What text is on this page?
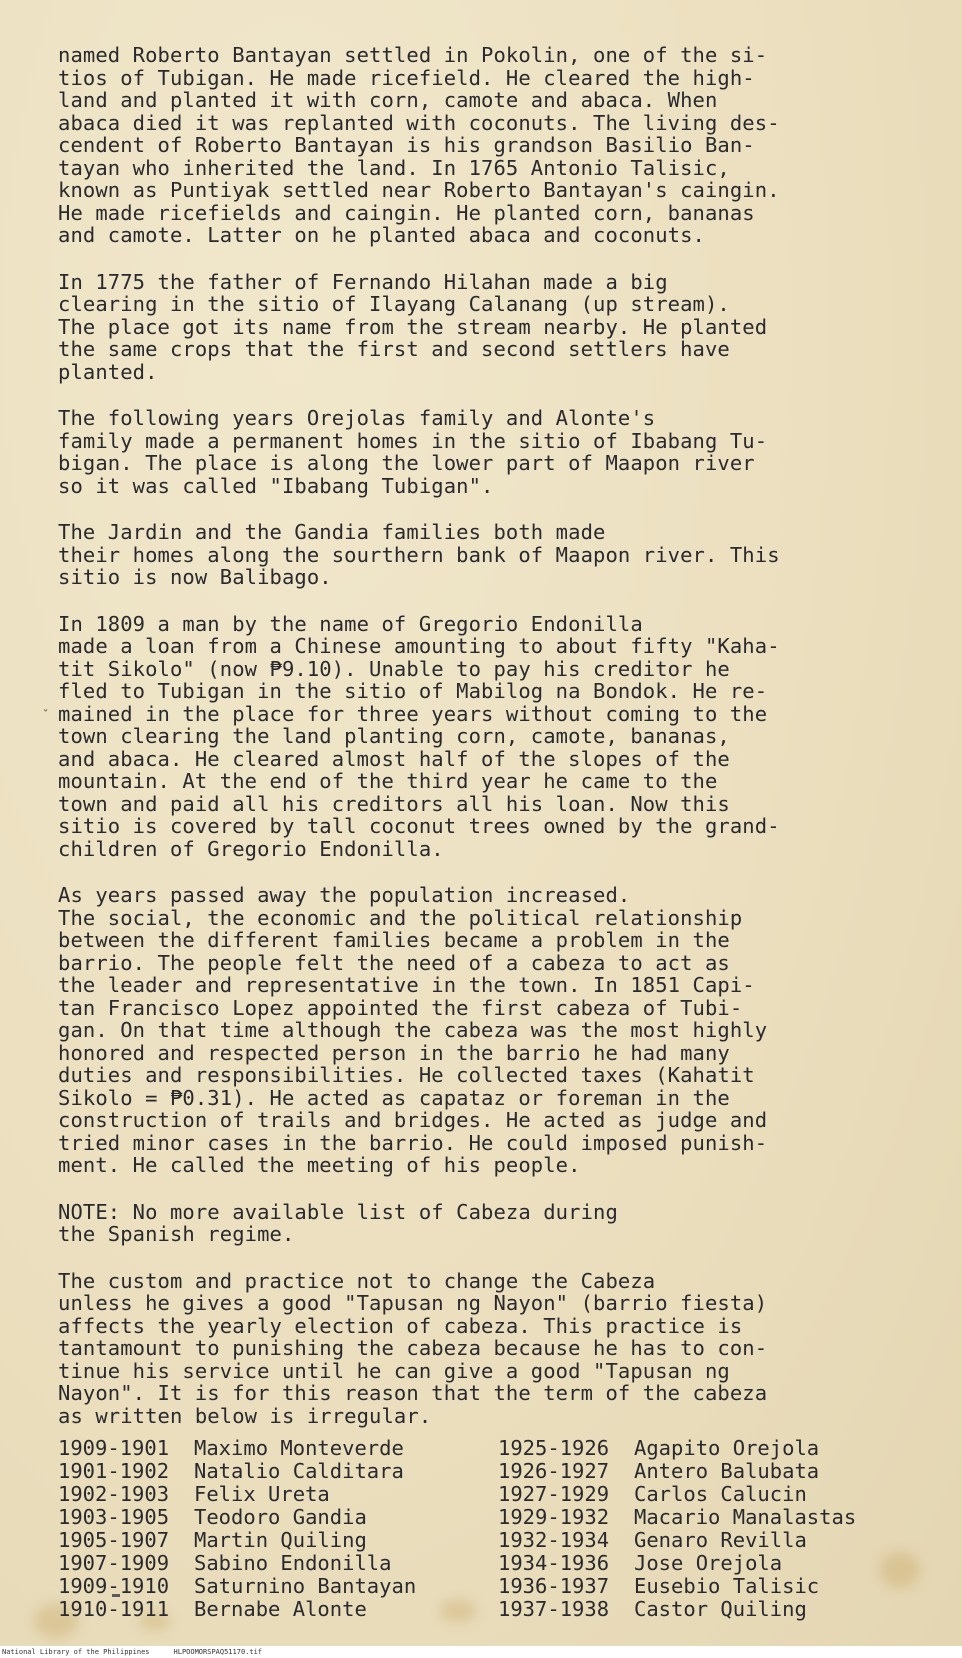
ˇ

named Roberto Bantayan settled in Pokolin, one of the si-
tios of Tubigan. He made ricefield. He cleared the high-
land and planted it with corn, camote and abaca. When
abaca died it was replanted with coconuts. The living des-
cendent of Roberto Bantayan is his grandson Basilio Ban-
tayan who inherited the land. In 1765 Antonio Talisic,
known as Puntiyak settled near Roberto Bantayan's caingin.
He made ricefields and caingin. He planted corn, bananas
and camote. Latter on he planted abaca and coconuts.

In 1775 the father of Fernando Hilahan made a big
clearing in the sitio of Ilayang Calanang (up stream).
The place got its name from the stream nearby. He planted
the same crops that the first and second settlers have
planted.

The following years Orejolas family and Alonte's
family made a permanent homes in the sitio of Ibabang Tu-
bigan. The place is along the lower part of Maapon river
so it was called "Ibabang Tubigan".

The Jardin and the Gandia families both made
their homes along the sourthern bank of Maapon river. This
sitio is now Balibago.

In 1809 a man by the name of Gregorio Endonilla
made a loan from a Chinese amounting to about fifty "Kaha-
tit Sikolo" (now ₱9.10). Unable to pay his creditor he
fled to Tubigan in the sitio of Mabilog na Bondok. He re-
mained in the place for three years without coming to the
town clearing the land planting corn, camote, bananas,
and abaca. He cleared almost half of the slopes of the
mountain. At the end of the third year he came to the
town and paid all his creditors all his loan. Now this
sitio is covered by tall coconut trees owned by the grand-
children of Gregorio Endonilla.

As years passed away the population increased.
The social, the economic and the political relationship
between the different families became a problem in the
barrio. The people felt the need of a cabeza to act as
the leader and representative in the town. In 1851 Capi-
tan Francisco Lopez appointed the first cabeza of Tubi-
gan. On that time although the cabeza was the most highly
honored and respected person in the barrio he had many
duties and responsibilities. He collected taxes (Kahatit
Sikolo = ₱0.31). He acted as capataz or foreman in the
construction of trails and bridges. He acted as judge and
tried minor cases in the barrio. He could imposed punish-
ment. He called the meeting of his people.

NOTE: No more available list of Cabeza during
the Spanish regime.

The custom and practice not to change the Cabeza
unless he gives a good "Tapusan ng Nayon" (barrio fiesta)
affects the yearly election of cabeza. This practice is
tantamount to punishing the cabeza because he has to con-
tinue his service until he can give a good "Tapusan ng
Nayon". It is for this reason that the term of the cabeza
as written below is irregular.

1909-1901 Maximo Monteverde
1901-1902 Natalio Calditara
1902-1903 Felix Ureta
1903-1905 Teodoro Gandia
1905-1907 Martin Quiling
1907-1909 Sabino Endonilla
1909-1910 Saturnino Bantayan
1910-1911 Bernabe Alonte
1925-1926 Agapito Orejola
1926-1927 Antero Balubata
1927-1929 Carlos Calucin
1929-1932 Macario Manalastas
1932-1934 Genaro Revilla
1934-1936 Jose Orejola
1936-1937 Eusebio Talisic
1937-1938 Castor Quiling
National Library of the Philippines	HLPOOMORSPAQ51170.tif
